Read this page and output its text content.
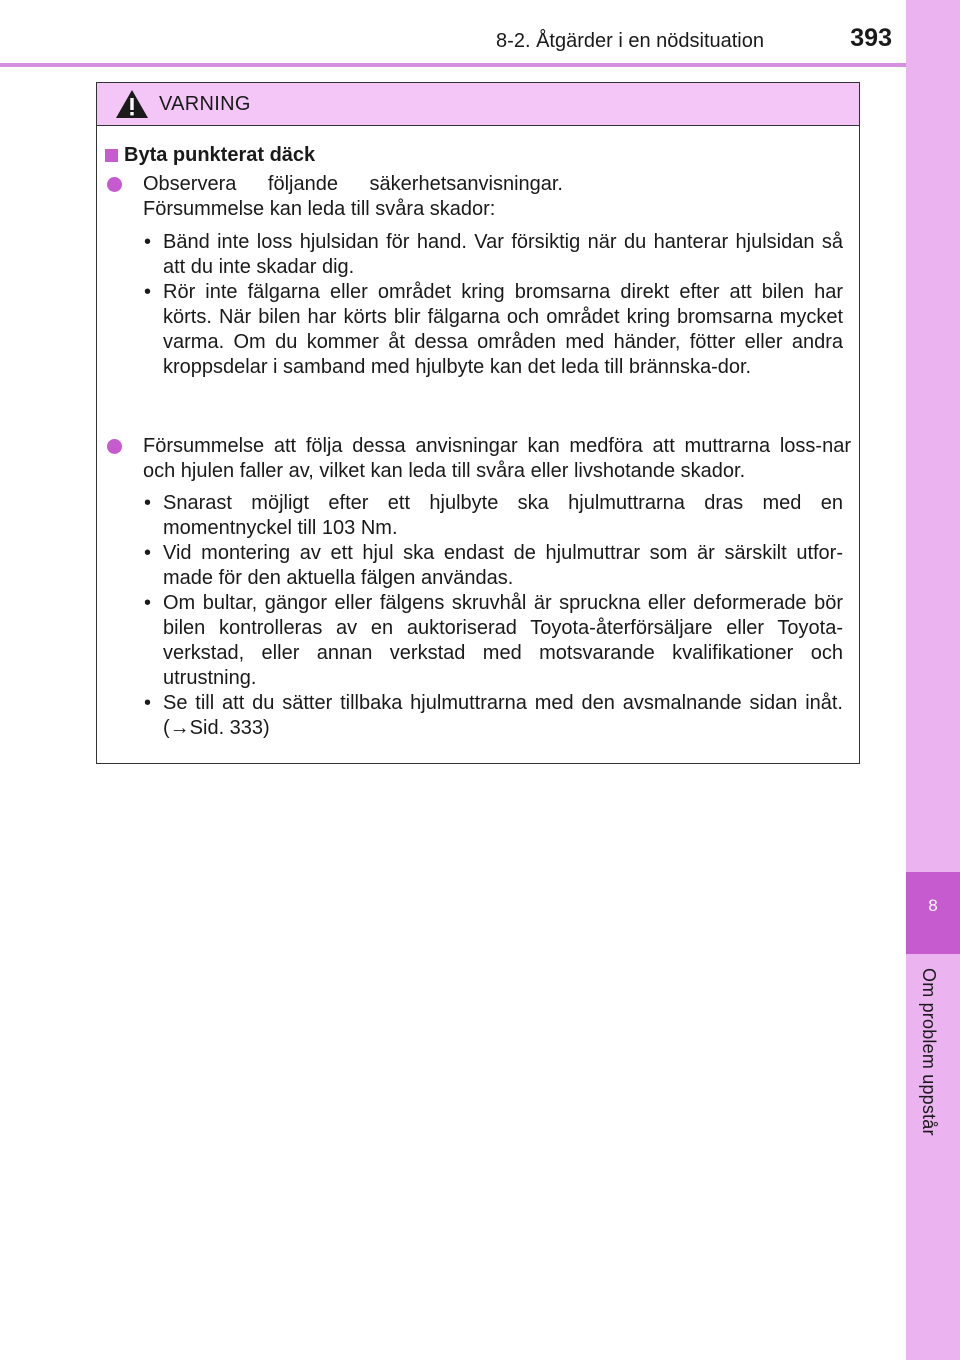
8-2. Åtgärder i en nödsituation	393
8
Om problem uppstår
VARNING
Byta punkterat däck
Observera följande säkerhetsanvisningar. Försummelse kan leda till svåra skador:
• Bänd inte loss hjulsidan för hand. Var försiktig när du hanterar hjulsidan så att du inte skadar dig.
• Rör inte fälgarna eller området kring bromsarna direkt efter att bilen har körts. När bilen har körts blir fälgarna och området kring bromsarna mycket varma. Om du kommer åt dessa områden med händer, fötter eller andra kroppsdelar i samband med hjulbyte kan det leda till brännska-dor.
Försummelse att följa dessa anvisningar kan medföra att muttrarna loss-nar och hjulen faller av, vilket kan leda till svåra eller livshotande skador.
• Snarast möjligt efter ett hjulbyte ska hjulmuttrarna dras med en momentnyckel till 103 Nm.
• Vid montering av ett hjul ska endast de hjulmuttrar som är särskilt utfor-made för den aktuella fälgen användas.
• Om bultar, gängor eller fälgens skruvhål är spruckna eller deformerade bör bilen kontrolleras av en auktoriserad Toyota-återförsäljare eller Toyota-verkstad, eller annan verkstad med motsvarande kvalifikationer och utrustning.
• Se till att du sätter tillbaka hjulmuttrarna med den avsmalnande sidan inåt. (→Sid. 333)
